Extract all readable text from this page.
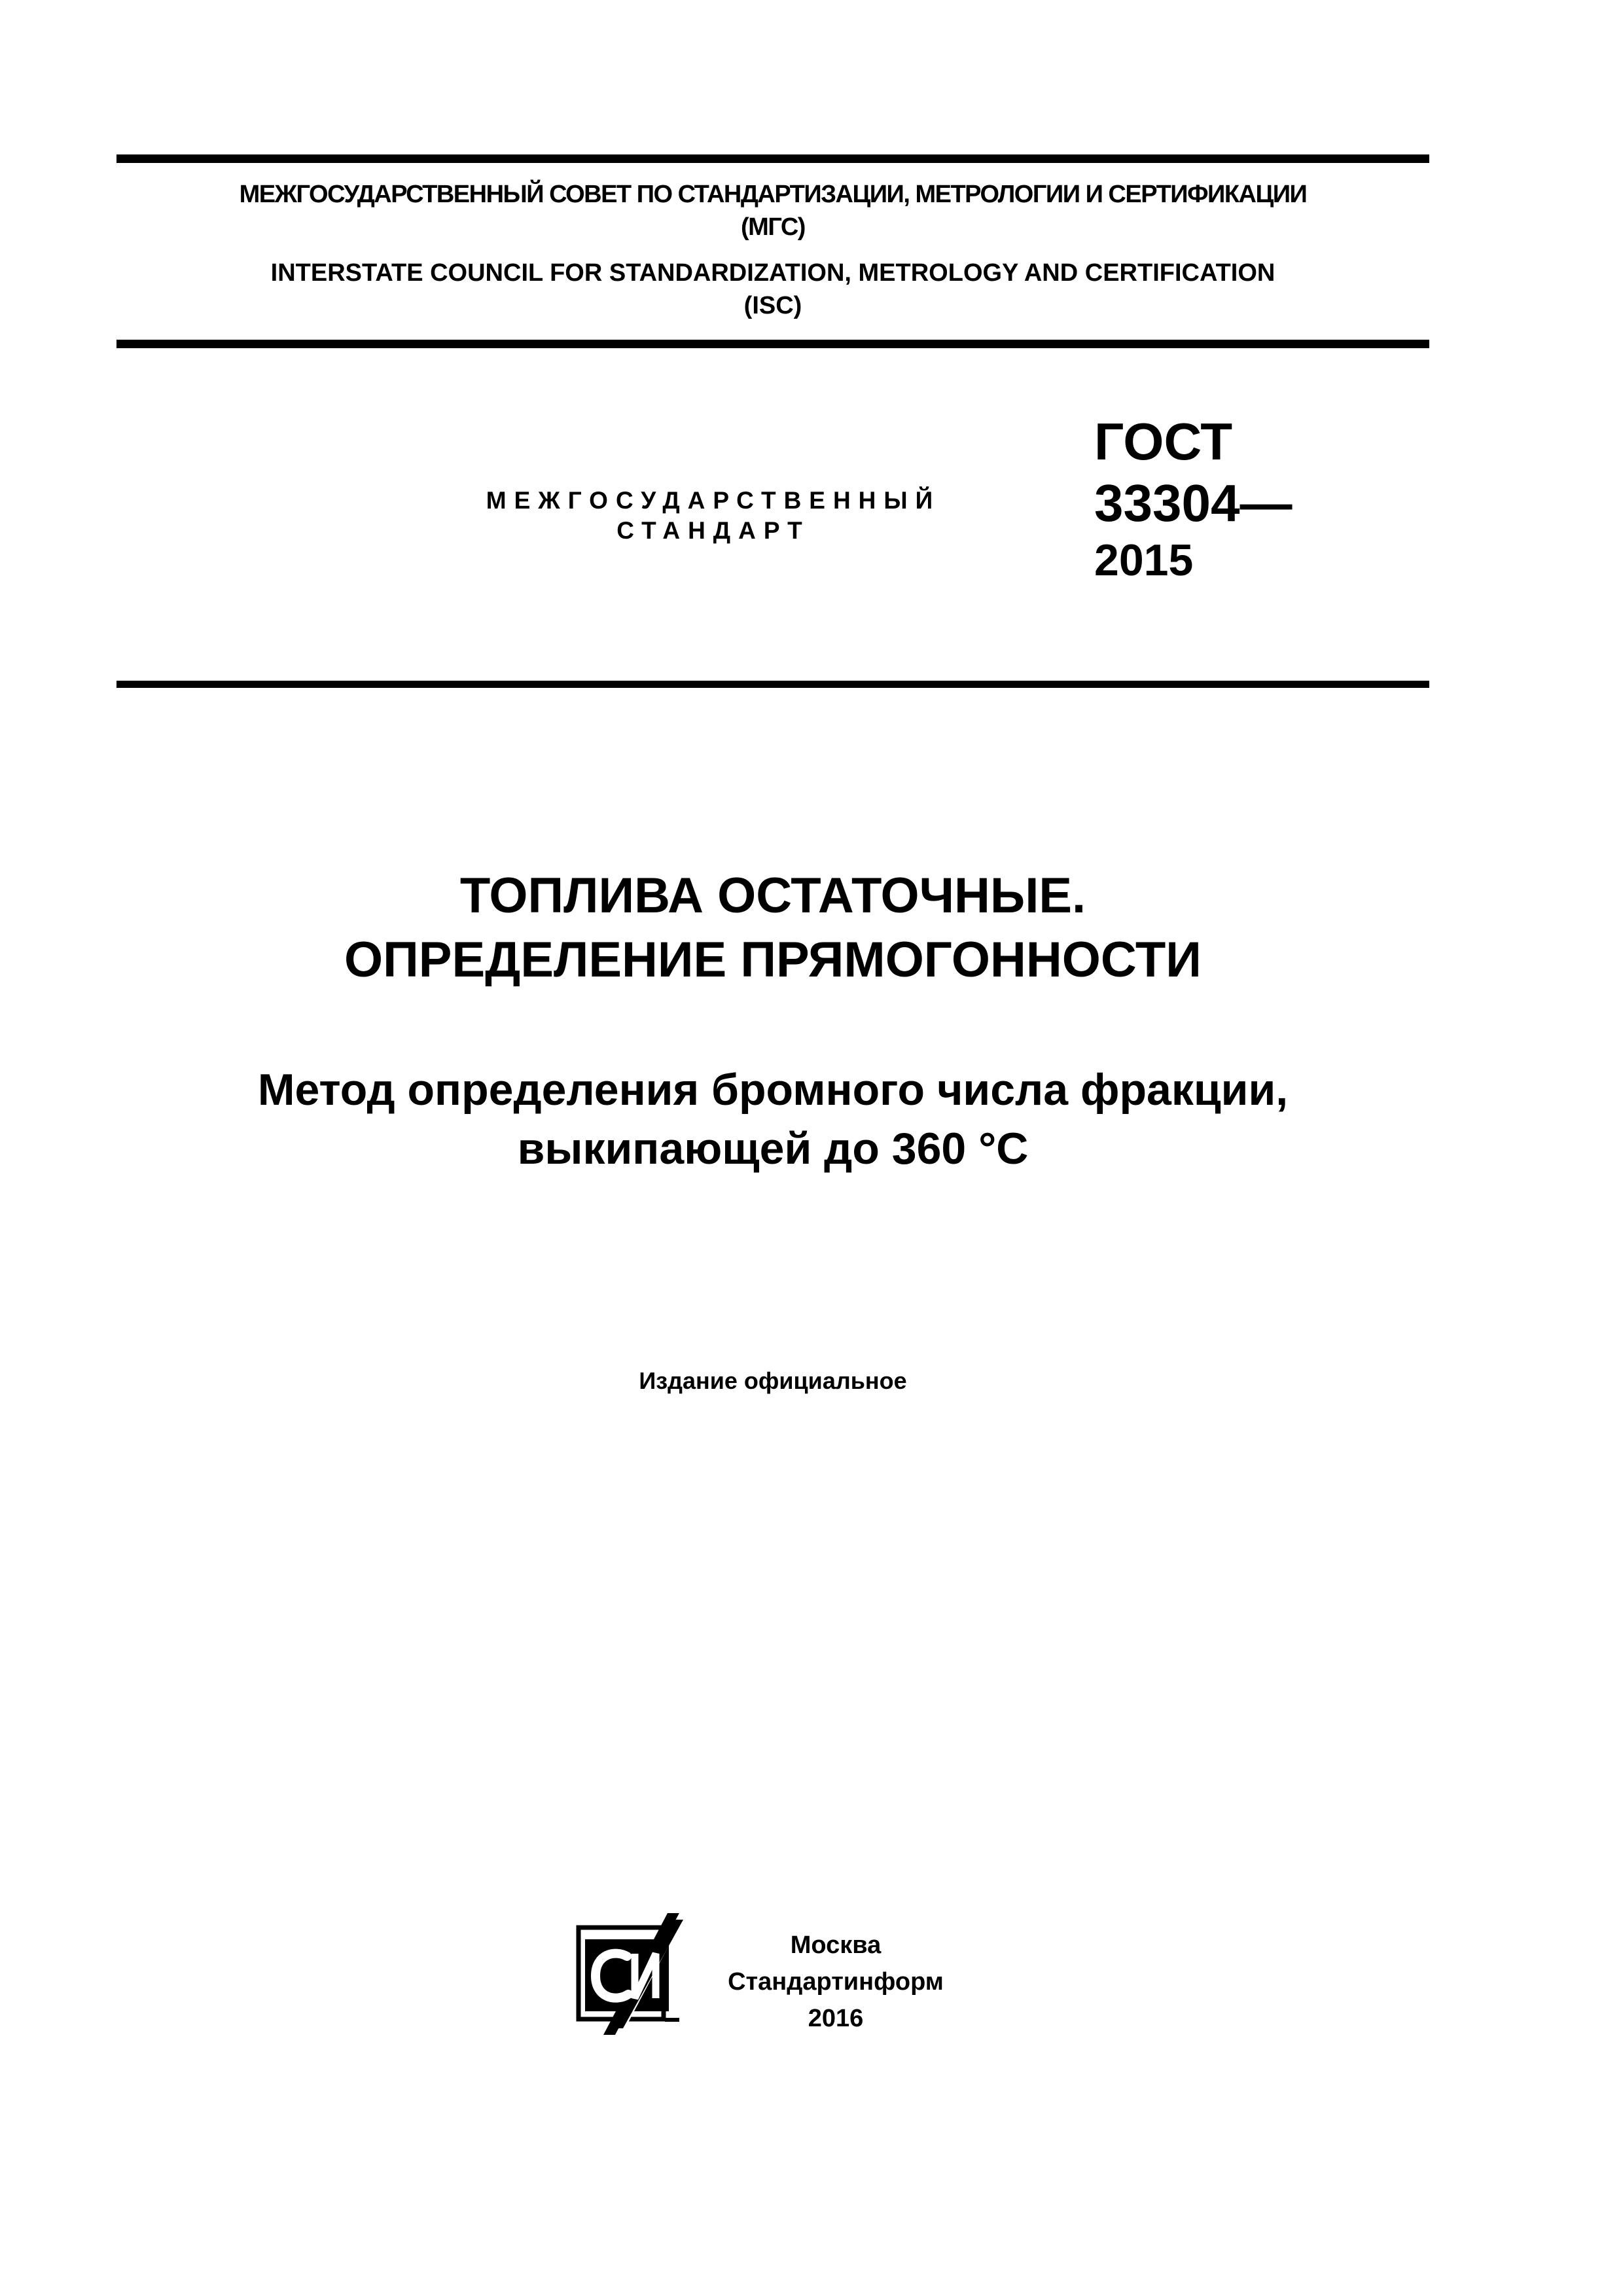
МЕЖГОСУДАРСТВЕННЫЙ СОВЕТ ПО СТАНДАРТИЗАЦИИ, МЕТРОЛОГИИ И СЕРТИФИКАЦИИ
(МГС)
INTERSTATE COUNCIL FOR STANDARDIZATION, METROLOGY AND CERTIFICATION
(ISC)
МЕЖГОСУДАРСТВЕННЫЙ
СТАНДАРТ
ГОСТ
33304—
2015
ТОПЛИВА ОСТАТОЧНЫЕ.
ОПРЕДЕЛЕНИЕ ПРЯМОГОННОСТИ
Метод определения бромного числа фракции,
выкипающей до 360 °С
Издание официальное
Москва
Стандартинформ
2016
